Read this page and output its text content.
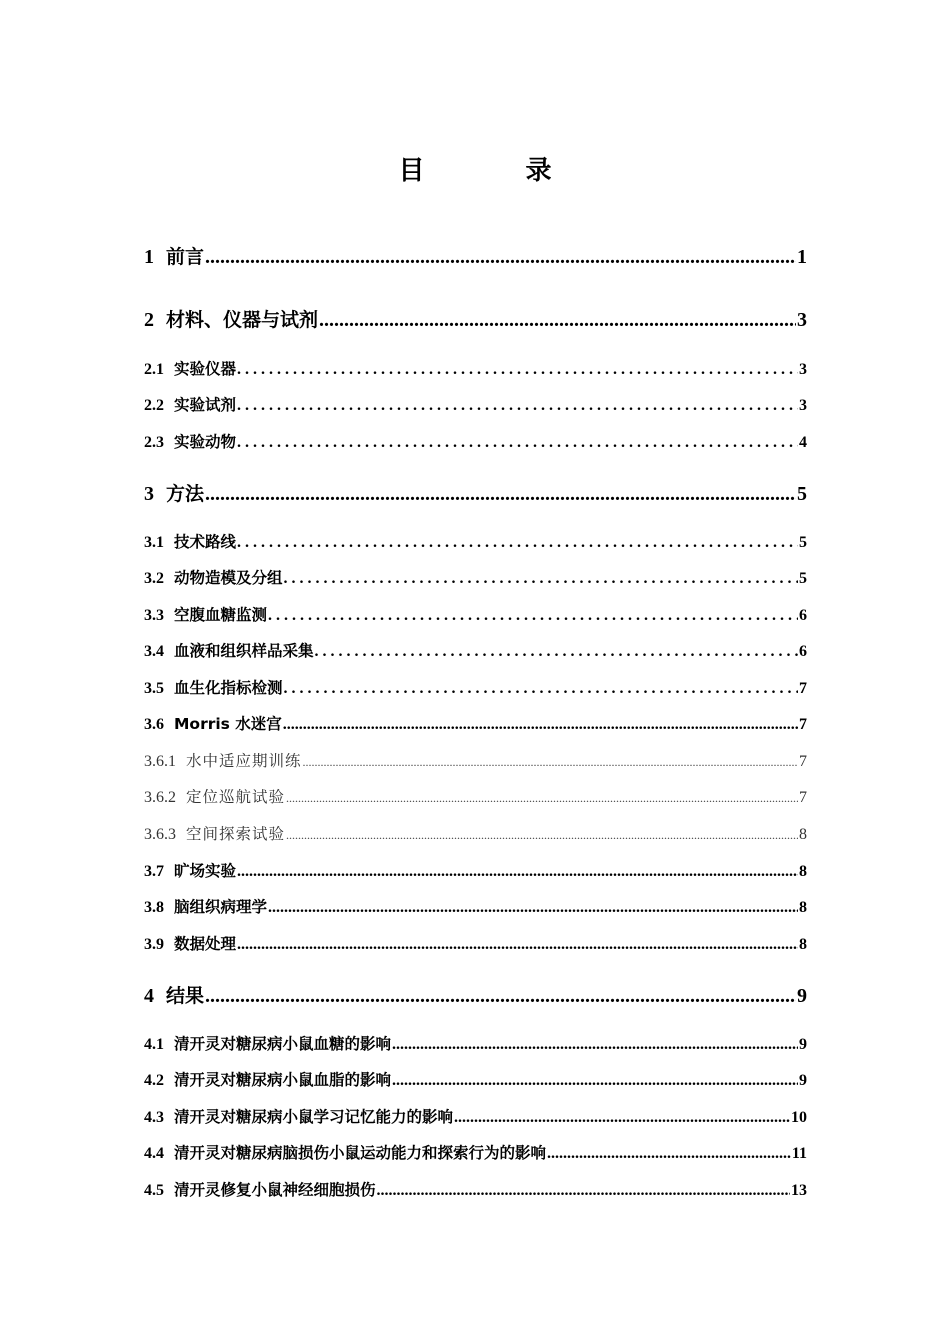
目 录
1 前言 .....	1
2 材料、仪器与试剂 .....	3
2.1 实验仪器 . . .	3
2.2 实验试剂 . . .	3
2.3 实验动物 . . .	4
3 方法 .....	5
3.1 技术路线 . . .	5
3.2 动物造模及分组 . . .	5
3.3 空腹血糖监测 . . .	6
3.4 血液和组织样品采集 . . .	6
3.5 血生化指标检测 . . .	7
3.6 Morris 水迷宫 .....	7
3.6.1 水中适应期训练 .....	7
3.6.2 定位巡航试验 .....	7
3.6.3 空间探索试验 .....	8
3.7 旷场实验 .....	8
3.8 脑组织病理学 .....	8
3.9 数据处理 .....	8
4 结果 .....	9
4.1 清开灵对糖尿病小鼠血糖的影响 .....	9
4.2 清开灵对糖尿病小鼠血脂的影响 .....	9
4.3 清开灵对糖尿病小鼠学习记忆能力的影响 .....	10
4.4 清开灵对糖尿病脑损伤小鼠运动能力和探索行为的影响 .....	11
4.5 清开灵修复小鼠神经细胞损伤 .....	13
